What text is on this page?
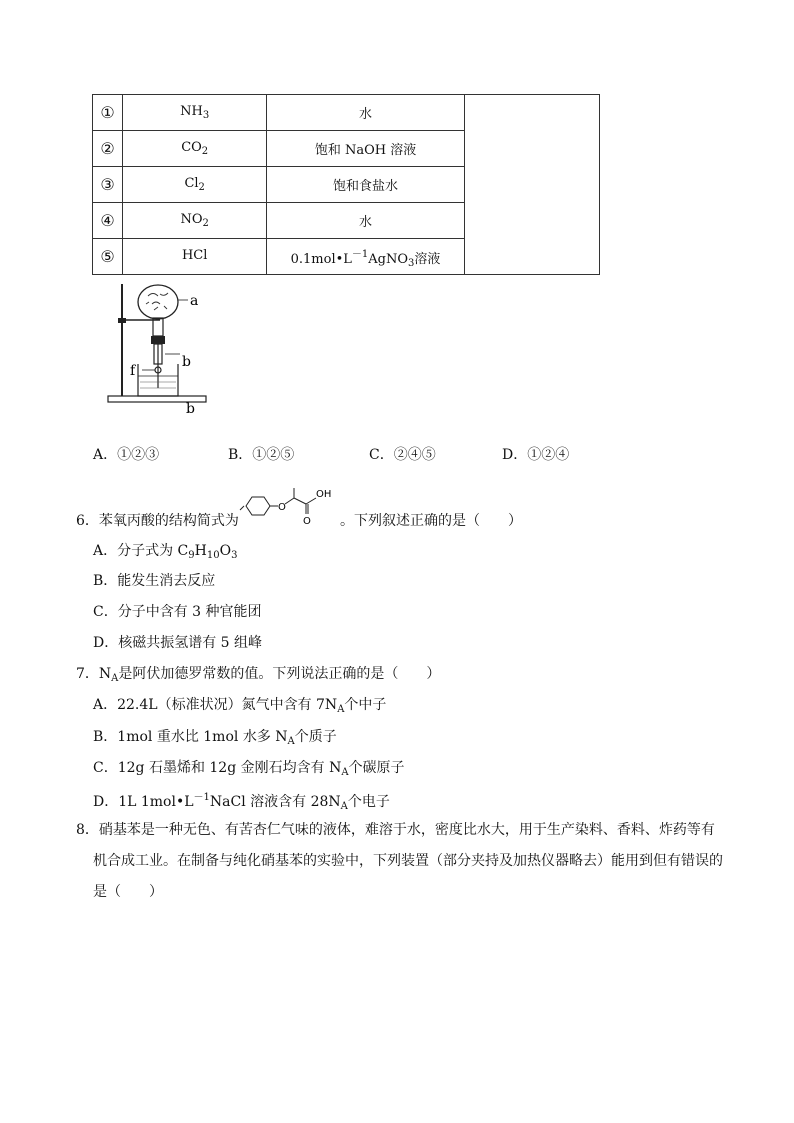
①	$NH_3$	水	
②	$CO_2$	饱和 NaOH 溶液	
③	$Cl_2$	饱和食盐水	
④	$NO_2$	水	
⑤	HCl	$0.1mol•L^{-1}AgNO_3$溶液	
a
b
f
b
A．①②③	B．①②⑤	C．②④⑤	D．①②④
6．苯氧丙酸的结构简式为
O
O
OH
。下列叙述正确的是（　　）
A．分子式为 $C_9H_{10}O_3$
B．能发生消去反应
C．分子中含有 3 种官能团
D．核磁共振氢谱有 5 组峰
7．$N_A$是阿伏加德罗常数的值。下列说法正确的是（　　）
A．22.4L（标准状况）氮气中含有 $7N_A$个中子
B．1mol 重水比 1mol 水多 $N_A$个质子
C．12g 石墨烯和 12g 金刚石均含有 $N_A$个碳原子
D．1L $1mol•L^{-1}NaCl$ 溶液含有 $28N_A$个电子
8．硝基苯是一种无色、有苦杏仁气味的液体，难溶于水，密度比水大，用于生产染料、香料、炸药等有
机合成工业。在制备与纯化硝基苯的实验中，下列装置（部分夹持及加热仪器略去）能用到但有错误的
是（　　）
